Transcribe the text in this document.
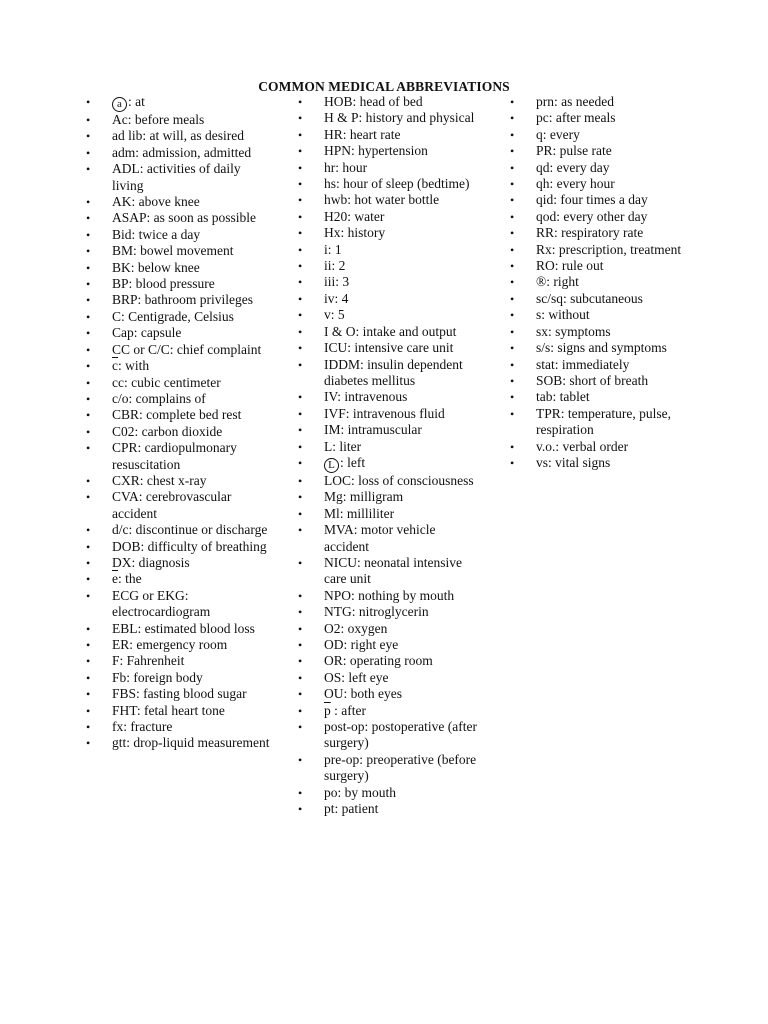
COMMON MEDICAL ABBREVIATIONS
• a : at
• Ac: before meals
• ad lib: at will, as desired
• adm: admission, admitted
• ADL: activities of daily living
• AK: above knee
• ASAP: as soon as possible
• Bid: twice a day
• BM: bowel movement
• BK: below knee
• BP: blood pressure
• BRP: bathroom privileges
• C: Centigrade, Celsius
• Cap: capsule
• CC or C/C: chief complaint
• $\overline{c}$: with
• cc: cubic centimeter
• c/o: complains of
• CBR: complete bed rest
• C02: carbon dioxide
• CPR: cardiopulmonary resuscitation
• CXR: chest x-ray
• CVA: cerebrovascular accident
• d/c: discontinue or discharge
• DOB: difficulty of breathing
• DX: diagnosis
• $\overline{e}$: the
• ECG or EKG: electrocardiogram
• EBL: estimated blood loss
• ER: emergency room
• F: Fahrenheit
• Fb: foreign body
• FBS: fasting blood sugar
• FHT: fetal heart tone
• fx: fracture
• gtt: drop-liquid measurement
• HOB: head of bed
• H & P: history and physical
• HR: heart rate
• HPN: hypertension
• hr: hour
• hs: hour of sleep (bedtime)
• hwb: hot water bottle
• H20: water
• Hx: history
• i: 1
• ii: 2
• iii: 3
• iv: 4
• v: 5
• I & O: intake and output
• ICU: intensive care unit
• IDDM: insulin dependent diabetes mellitus
• IV: intravenous
• IVF: intravenous fluid
• IM: intramuscular
• L: liter
• L : left
• LOC: loss of consciousness
• Mg: milligram
• Ml: milliliter
• MVA: motor vehicle accident
• NICU: neonatal intensive care unit
• NPO: nothing by mouth
• NTG: nitroglycerin
• O2: oxygen
• OD: right eye
• OR: operating room
• OS: left eye
• OU: both eyes
• $\overline{p}$ : after
• post-op: postoperative (after surgery)
• pre-op: preoperative (before surgery)
• po: by mouth
• pt: patient
• prn: as needed
• pc: after meals
• q: every
• PR: pulse rate
• qd: every day
• qh: every hour
• qid: four times a day
• qod: every other day
• RR: respiratory rate
• Rx: prescription, treatment
• RO: rule out
• ®: right
• sc/sq: subcutaneous
• s: without
• sx: symptoms
• s/s: signs and symptoms
• stat: immediately
• SOB: short of breath
• tab: tablet
• TPR: temperature, pulse, respiration
• v.o.: verbal order
• vs: vital signs
